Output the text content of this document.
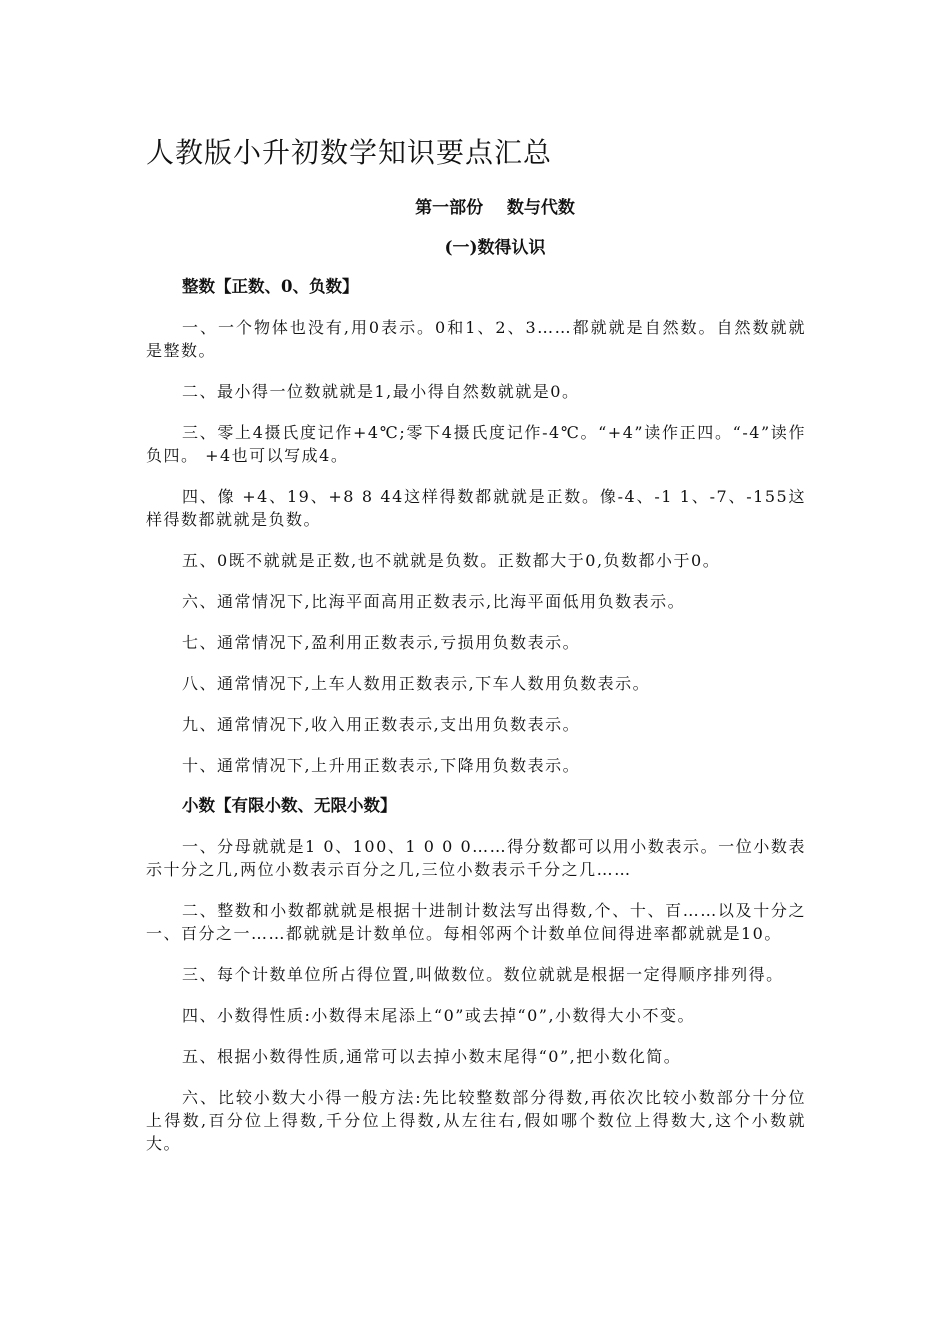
人教版小升初数学知识要点汇总
第一部份    数与代数
(一)数得认识

整数【正数、0、负数】

一、一个物体也没有,用0表示。0和1、2、3……都就就是自然数。自然数就就是整数。

二、最小得一位数就就是1,最小得自然数就就是0。

三、零上4摄氏度记作+4℃;零下4摄氏度记作-4℃。“+4”读作正四。“-4”读作负四。 +4也可以写成4。

四、像 +4、19、+8 8 44这样得数都就就是正数。像-4、-1 1、-7、-155这样得数都就就是负数。

五、0既不就就是正数,也不就就是负数。正数都大于0,负数都小于0。

六、通常情况下,比海平面高用正数表示,比海平面低用负数表示。

七、通常情况下,盈利用正数表示,亏损用负数表示。

八、通常情况下,上车人数用正数表示,下车人数用负数表示。

九、通常情况下,收入用正数表示,支出用负数表示。

十、通常情况下,上升用正数表示,下降用负数表示。

小数【有限小数、无限小数】

一、分母就就是1 0、100、1 0 0 0……得分数都可以用小数表示。一位小数表示十分之几,两位小数表示百分之几,三位小数表示千分之几……

二、整数和小数都就就是根据十进制计数法写出得数,个、十、百……以及十分之一、百分之一……都就就是计数单位。每相邻两个计数单位间得进率都就就是10。

三、每个计数单位所占得位置,叫做数位。数位就就是根据一定得顺序排列得。

四、小数得性质:小数得末尾添上“0”或去掉“0”,小数得大小不变。

五、根据小数得性质,通常可以去掉小数末尾得“0”,把小数化简。

六、比较小数大小得一般方法:先比较整数部分得数,再依次比较小数部分十分位上得数,百分位上得数,千分位上得数,从左往右,假如哪个数位上得数大,这个小数就大。
